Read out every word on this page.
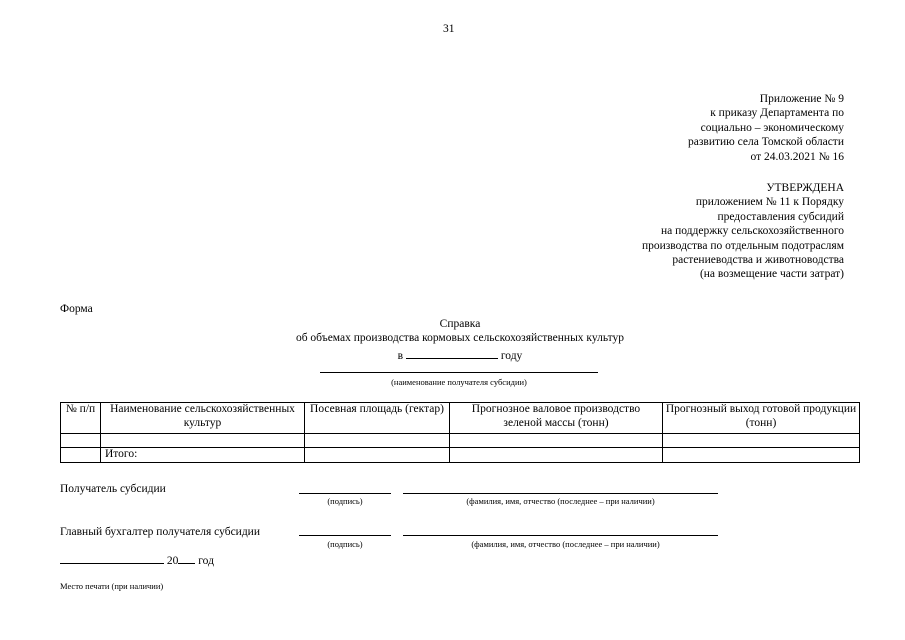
31
Приложение № 9
к приказу Департамента по
социально – экономическому
развитию села Томской области
от 24.03.2021 № 16
УТВЕРЖДЕНА
приложением № 11 к Порядку
предоставления субсидий
на поддержку сельскохозяйственного
производства по отдельным подотраслям
растениеводства и животноводства
(на возмещение части затрат)
Форма
Справка
об объемах производства кормовых сельскохозяйственных культур
в	году
(наименование получателя субсидии)
№ п/п	Наименование сельскохозяйственных культур	Посевная площадь (гектар)	Прогнозное валовое производство зеленой массы (тонн)	Прогнозный выход готовой продукции (тонн)

	Итого:			
Получатель субсидии
(подпись)	(фамилия, имя, отчество (последнее – при наличии)
Главный бухгалтер получателя субсидии
(подпись)	(фамилия, имя, отчество (последнее – при наличии)
20 год
Место печати (при наличии)
